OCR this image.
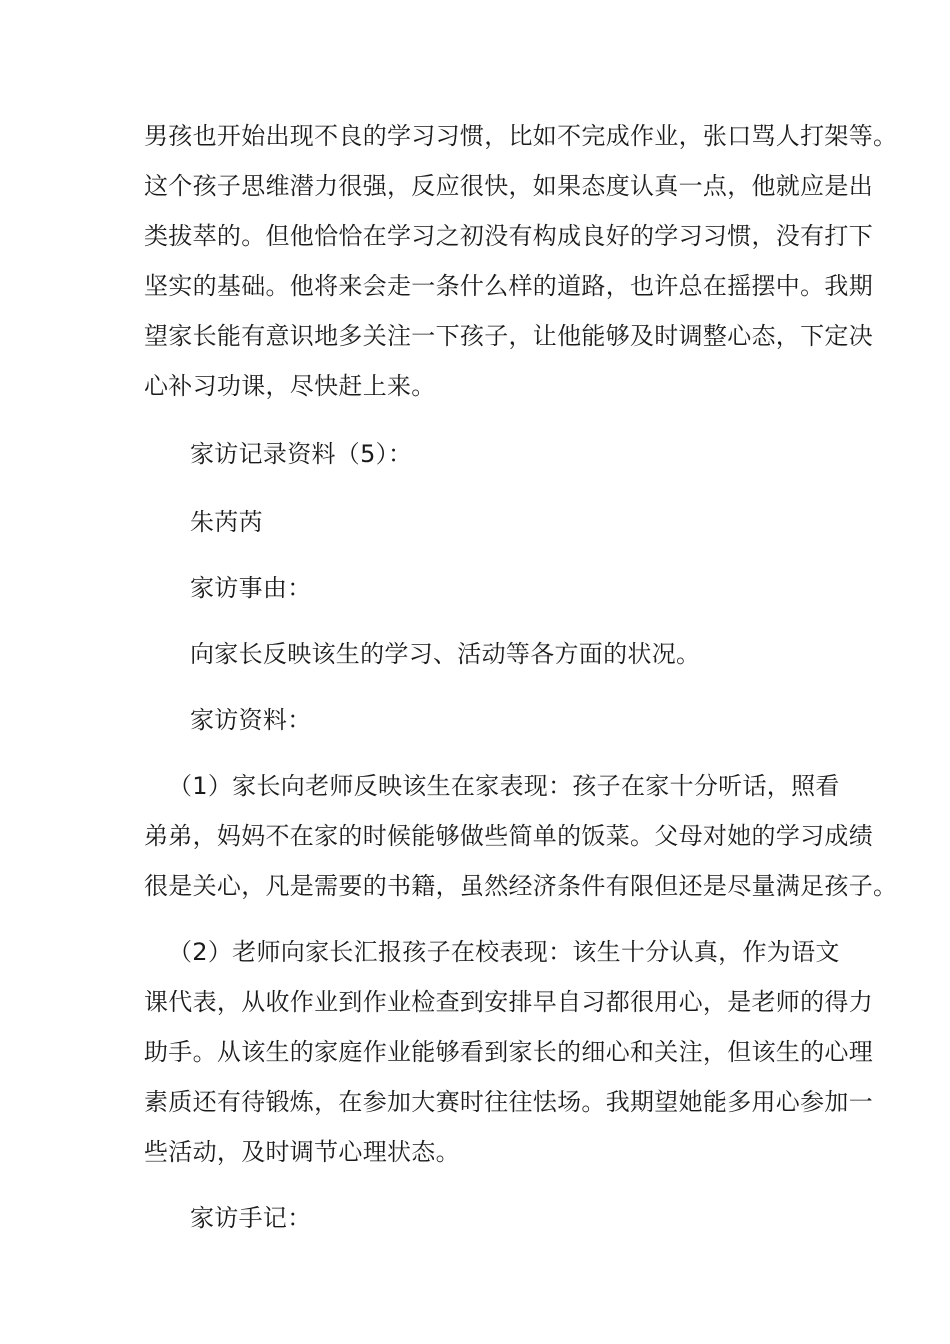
男孩也开始出现不良的学习习惯，比如不完成作业，张口骂人打架等。
这个孩子思维潜力很强，反应很快，如果态度认真一点，他就应是出
类拔萃的。但他恰恰在学习之初没有构成良好的学习习惯，没有打下
坚实的基础。他将来会走一条什么样的道路，也许总在摇摆中。我期
望家长能有意识地多关注一下孩子，让他能够及时调整心态，下定决
心补习功课，尽快赶上来。
家访记录资料（5）：
朱芮芮
家访事由：
向家长反映该生的学习、活动等各方面的状况。
家访资料：
（1）家长向老师反映该生在家表现：孩子在家十分听话，照看
弟弟，妈妈不在家的时候能够做些简单的饭菜。父母对她的学习成绩
很是关心，凡是需要的书籍，虽然经济条件有限但还是尽量满足孩子。
（2）老师向家长汇报孩子在校表现：该生十分认真，作为语文
课代表，从收作业到作业检查到安排早自习都很用心，是老师的得力
助手。从该生的家庭作业能够看到家长的细心和关注，但该生的心理
素质还有待锻炼，在参加大赛时往往怯场。我期望她能多用心参加一
些活动，及时调节心理状态。
家访手记：
